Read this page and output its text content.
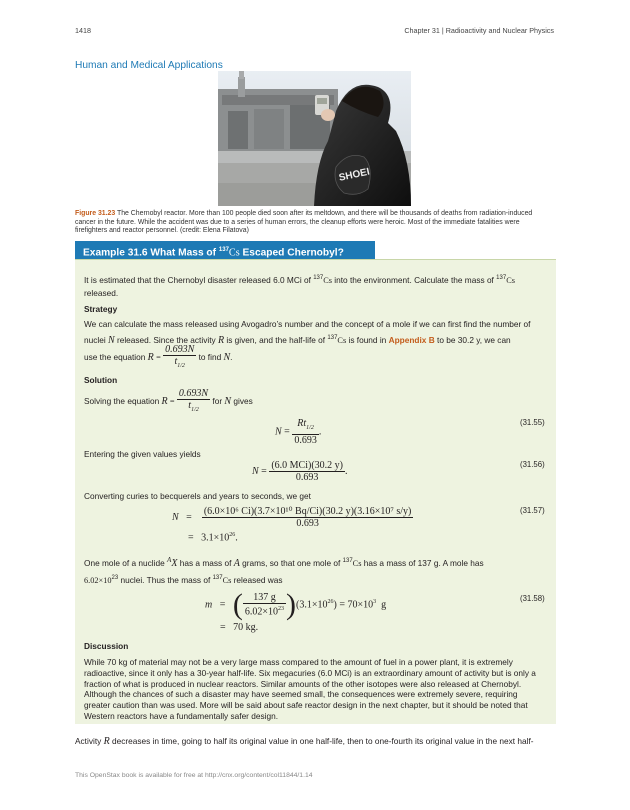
1418	Chapter 31 | Radioactivity and Nuclear Physics
Human and Medical Applications
SHOEI
Figure 31.23 The Chernobyl reactor. More than 100 people died soon after its meltdown, and there will be thousands of deaths from radiation-induced cancer in the future. While the accident was due to a series of human errors, the cleanup efforts were heroic. Most of the immediate fatalities were firefighters and reactor personnel. (credit: Elena Filatova)
Example 31.6 What Mass of $^{137}$Cs Escaped Chernobyl?
It is estimated that the Chernobyl disaster released 6.0 MCi of $^{137}$Cs into the environment. Calculate the mass of $^{137}$Cs
released.
Strategy
We can calculate the mass released using Avogadro’s number and the concept of a mole if we can first find the number of
nuclei N released. Since the activity R is given, and the half-life of $^{137}$Cs is found in Appendix B to be 30.2 y, we can
use the equation $R = \frac{0.693N}{t_{1/2}}$ to find N.
Solution
Solving the equation $R = \frac{0.693N}{t_{1/2}}$ for N gives
$N = \frac{Rt_{1/2}}{0.693}$ .
(31.55)
Entering the given values yields
$N = \frac{\text{(6.0 MCi)(30.2 y)}}{0.693}$ .
(31.56)
Converting curies to becquerels and years to seconds, we get
$N = \frac{\text{(6.0×10⁶ Ci)(3.7×10¹⁰ Bq/Ci)(30.2 y)(3.16×10⁷ s/y)}}{0.693}$	(31.57)
= $3.1\times 10^{26}$.
One mole of a nuclide $^A$X has a mass of A grams, so that one mole of $^{137}$Cs has a mass of 137 g. A mole has
$6.02\times 10^{23}$ nuclei. Thus the mass of $^{137}$Cs released was
m = ( $\frac{137 g}{6.02\times 10^{23}} )(3.1\times 10^{26}) = 70\times 10^3$ g
(31.58)
= 70 kg.
Discussion
While 70 kg of material may not be a very large mass compared to the amount of fuel in a power plant, it is extremely
radioactive, since it only has a 30-year half-life. Six megacuries (6.0 MCi) is an extraordinary amount of activity but is only a
fraction of what is produced in nuclear reactors. Similar amounts of the other isotopes were also released at Chernobyl.
Although the chances of such a disaster may have seemed small, the consequences were extremely severe, requiring
greater caution than was used. More will be said about safe reactor design in the next chapter, but it should be noted that
Western reactors have a fundamentally safer design.
Activity R decreases in time, going to half its original value in one half-life, then to one-fourth its original value in the next half-
This OpenStax book is available for free at http://cnx.org/content/col11844/1.14
